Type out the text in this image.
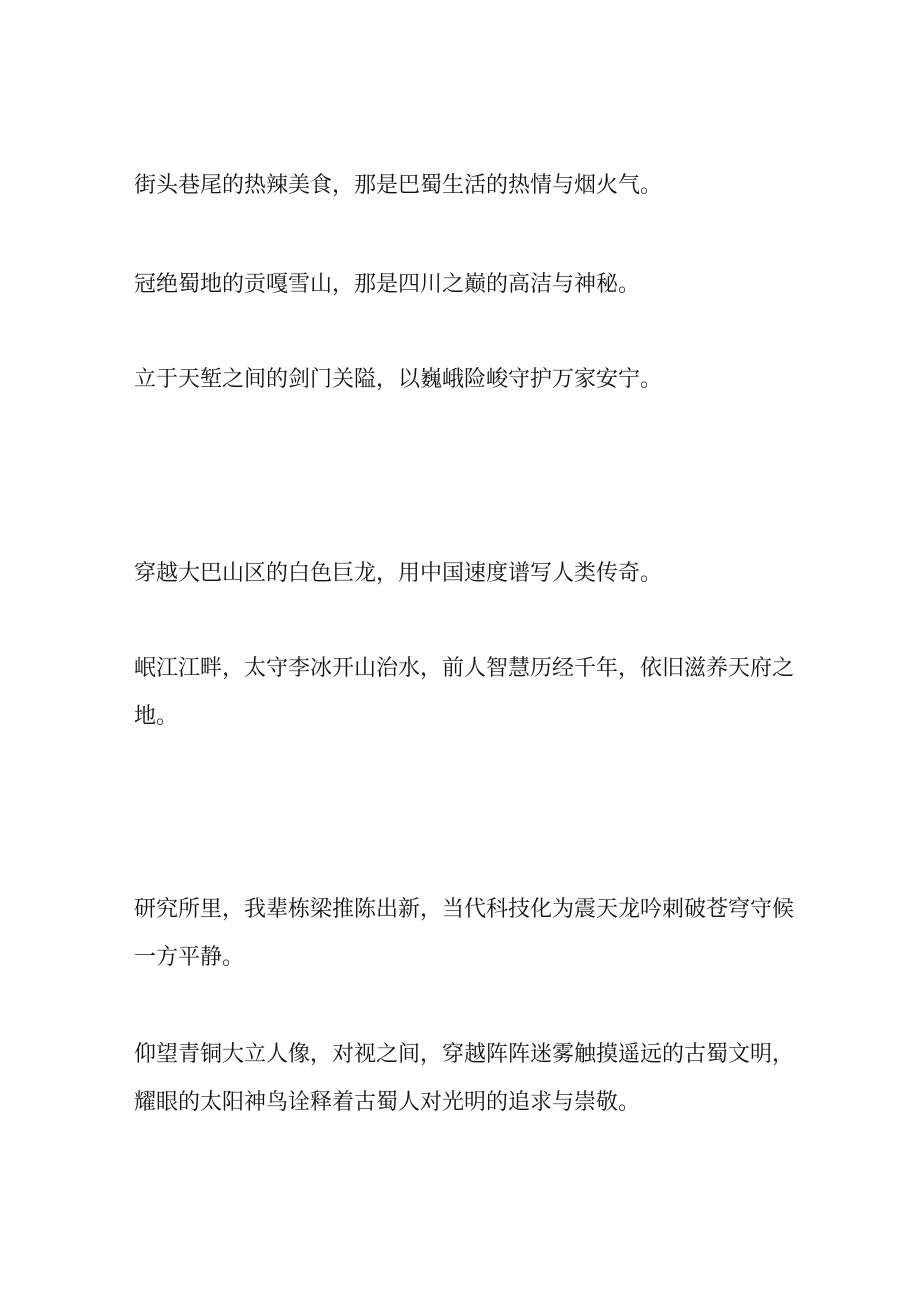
街头巷尾的热辣美食，那是巴蜀生活的热情与烟火气。

冠绝蜀地的贡嘎雪山，那是四川之巅的高洁与神秘。

立于天堑之间的剑门关隘，以巍峨险峻守护万家安宁。

穿越大巴山区的白色巨龙，用中国速度谱写人类传奇。

岷江江畔，太守李冰开山治水，前人智慧历经千年，依旧滋养天府之地。

研究所里，我辈栋梁推陈出新，当代科技化为震天龙吟刺破苍穹守候一方平静。

仰望青铜大立人像，对视之间，穿越阵阵迷雾触摸遥远的古蜀文明，耀眼的太阳神鸟诠释着古蜀人对光明的追求与崇敬。
